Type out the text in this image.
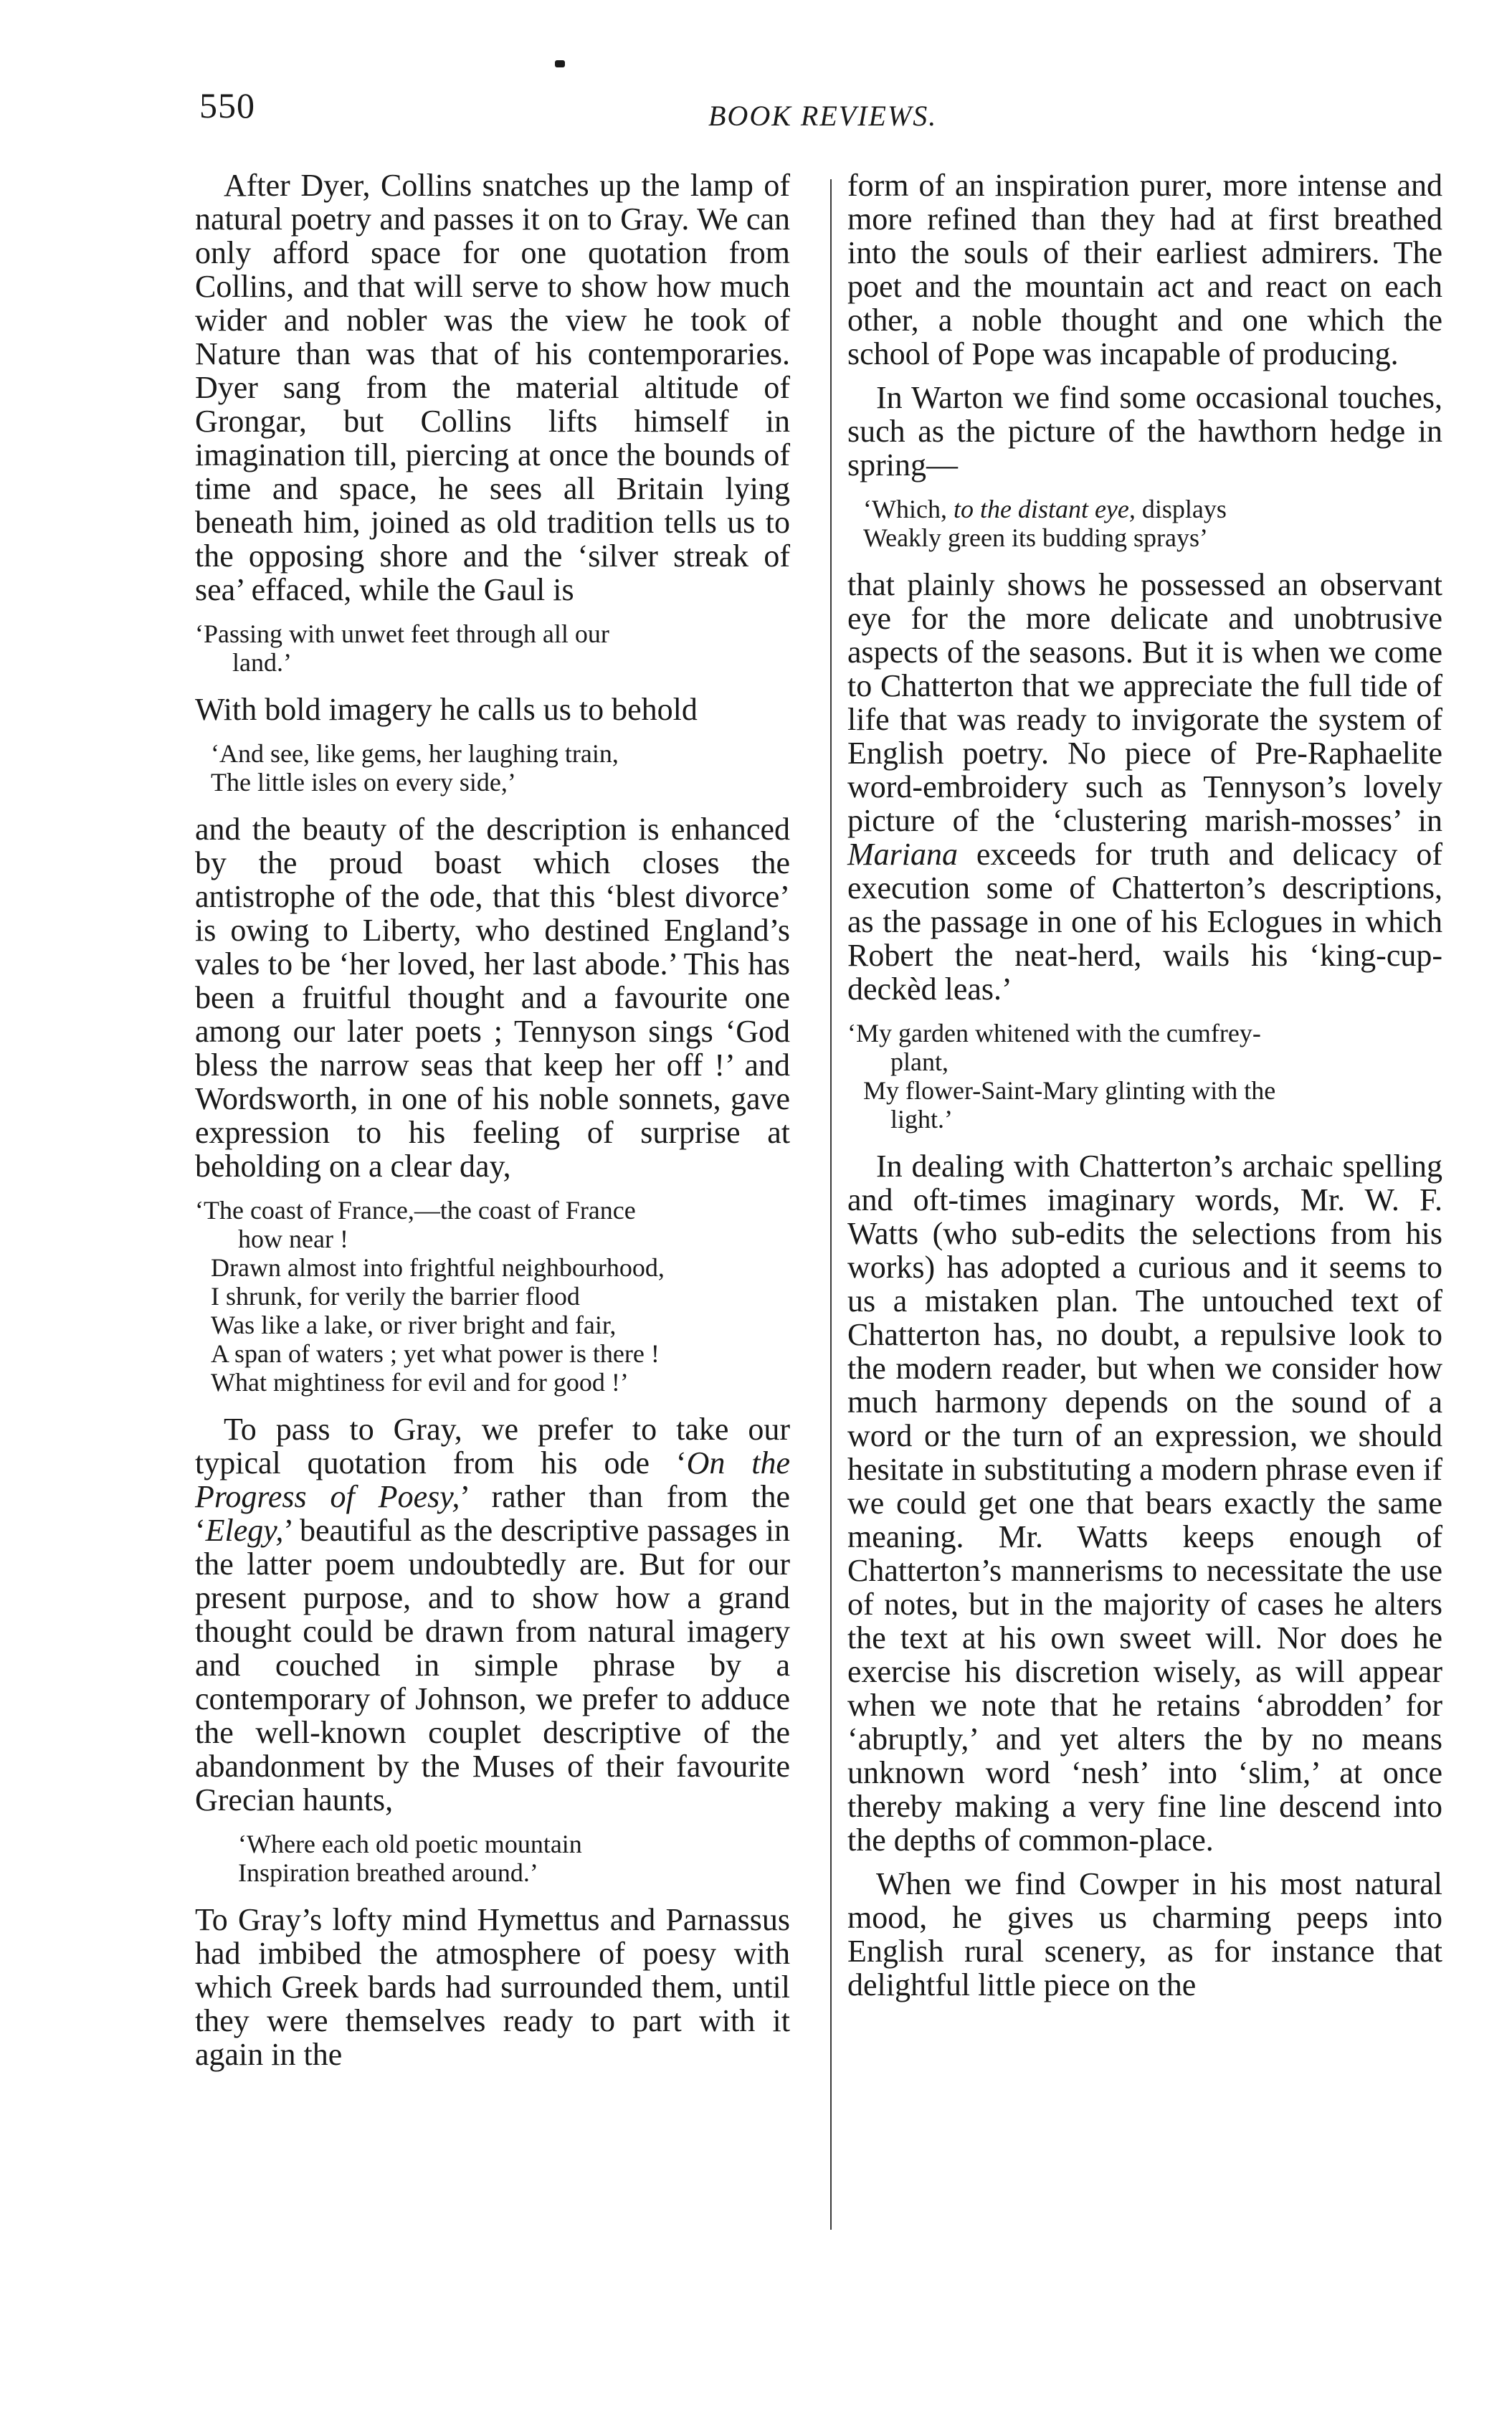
550	BOOK REVIEWS.

After Dyer, Collins snatches up the lamp of natural poetry and passes it on to Gray. We can only afford space for one quotation from Collins, and that will serve to show how much wider and nobler was the view he took of Nature than was that of his contemporaries. Dyer sang from the material altitude of Grongar, but Collins lifts himself in imagination till, piercing at once the bounds of time and space, he sees all Britain lying beneath him, joined as old tradition tells us to the opposing shore and the ‘silver streak of sea’ effaced, while the Gaul is

‘Passing with unwet feet through all our
land.’

With bold imagery he calls us to behold

‘And see, like gems, her laughing train,
The little isles on every side,’

and the beauty of the description is enhanced by the proud boast which closes the antistrophe of the ode, that this ‘blest divorce’ is owing to Liberty, who destined England’s vales to be ‘her loved, her last abode.’ This has been a fruitful thought and a favourite one among our later poets ; Tennyson sings ‘God bless the narrow seas that keep her off !’ and Wordsworth, in one of his noble sonnets, gave expression to his feeling of surprise at beholding on a clear day,

‘The coast of France,—the coast of France
how near !
Drawn almost into frightful neighbourhood,
I shrunk, for verily the barrier flood
Was like a lake, or river bright and fair,
A span of waters ; yet what power is there !
What mightiness for evil and for good !’

To pass to Gray, we prefer to take our typical quotation from his ode ‘On the Progress of Poesy,’ rather than from the ‘Elegy,’ beautiful as the descriptive passages in the latter poem undoubtedly are. But for our present purpose, and to show how a grand thought could be drawn from natural imagery and couched in simple phrase by a contemporary of Johnson, we prefer to adduce the well-known couplet descriptive of the abandonment by the Muses of their favourite Grecian haunts,

‘Where each old poetic mountain
Inspiration breathed around.’

To Gray’s lofty mind Hymettus and Parnassus had imbibed the atmosphere of poesy with which Greek bards had surrounded them, until they were themselves ready to part with it again in the

form of an inspiration purer, more intense and more refined than they had at first breathed into the souls of their earliest admirers. The poet and the mountain act and react on each other, a noble thought and one which the school of Pope was incapable of producing.

In Warton we find some occasional touches, such as the picture of the hawthorn hedge in spring—

‘Which, to the distant eye, displays
Weakly green its budding sprays’

that plainly shows he possessed an observant eye for the more delicate and unobtrusive aspects of the seasons. But it is when we come to Chatterton that we appreciate the full tide of life that was ready to invigorate the system of English poetry. No piece of Pre-Raphaelite word-embroidery such as Tennyson’s lovely picture of the ‘clustering marish-mosses’ in Mariana exceeds for truth and delicacy of execution some of Chatterton’s descriptions, as the passage in one of his Eclogues in which Robert the neat-herd, wails his ‘king-cup-deckèd leas.’

‘My garden whitened with the cumfrey-
plant,
My flower-Saint-Mary glinting with the
light.’

In dealing with Chatterton’s archaic spelling and oft-times imaginary words, Mr. W. F. Watts (who sub-edits the selections from his works) has adopted a curious and it seems to us a mistaken plan. The untouched text of Chatterton has, no doubt, a repulsive look to the modern reader, but when we consider how much harmony depends on the sound of a word or the turn of an expression, we should hesitate in substituting a modern phrase even if we could get one that bears exactly the same meaning. Mr. Watts keeps enough of Chatterton’s mannerisms to necessitate the use of notes, but in the majority of cases he alters the text at his own sweet will. Nor does he exercise his discretion wisely, as will appear when we note that he retains ‘abrodden’ for ‘abruptly,’ and yet alters the by no means unknown word ‘nesh’ into ‘slim,’ at once thereby making a very fine line descend into the depths of common-place.

When we find Cowper in his most natural mood, he gives us charming peeps into English rural scenery, as for instance that delightful little piece on the
